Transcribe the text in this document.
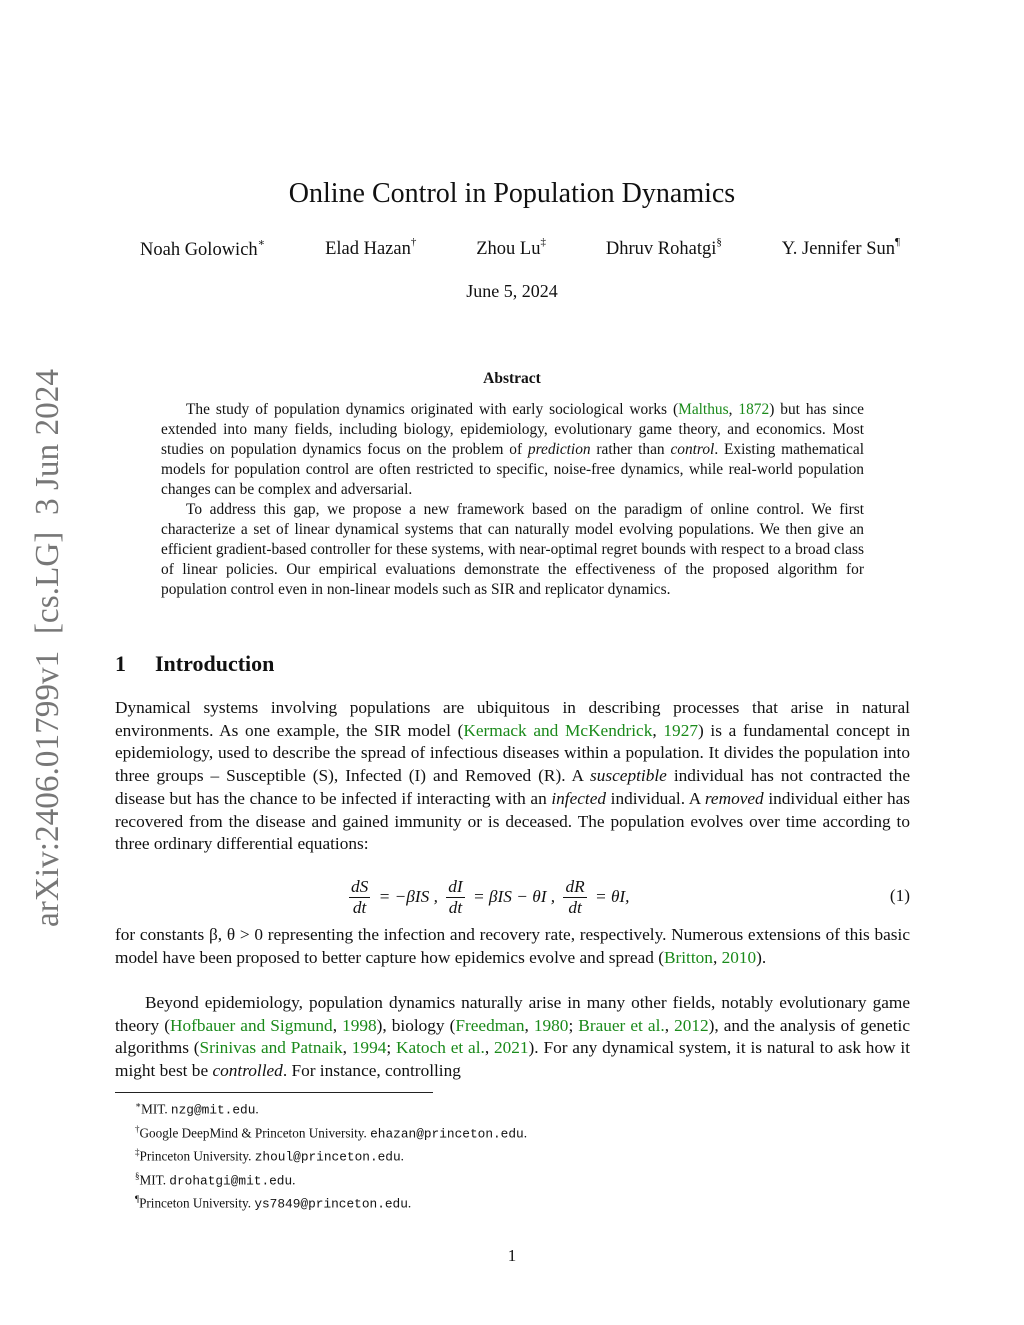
arXiv:2406.01799v1  [cs.LG]  3 Jun 2024
Online Control in Population Dynamics
Noah Golowich∗	Elad Hazan†	Zhou Lu‡	Dhruv Rohatgi§	Y. Jennifer Sun¶
June 5, 2024
Abstract

The study of population dynamics originated with early sociological works (Malthus, 1872) but has since extended into many fields, including biology, epidemiology, evolutionary game theory, and economics. Most studies on population dynamics focus on the problem of prediction rather than control. Existing mathematical models for population control are often restricted to specific, noise-free dynamics, while real-world population changes can be complex and adversarial.

To address this gap, we propose a new framework based on the paradigm of online control. We first characterize a set of linear dynamical systems that can naturally model evolving populations. We then give an efficient gradient-based controller for these systems, with near-optimal regret bounds with respect to a broad class of linear policies. Our empirical evaluations demonstrate the effectiveness of the proposed algorithm for population control even in non-linear models such as SIR and replicator dynamics.

1 Introduction

Dynamical systems involving populations are ubiquitous in describing processes that arise in natural environments. As one example, the SIR model (Kermack and McKendrick, 1927) is a fundamental concept in epidemiology, used to describe the spread of infectious diseases within a population. It divides the population into three groups – Susceptible (S), Infected (I) and Removed (R). A susceptible individual has not contracted the disease but has the chance to be infected if interacting with an infected individual. A removed individual either has recovered from the disease and gained immunity or is deceased. The population evolves over time according to three ordinary differential equations:

$\frac{dS}{dt} = -\beta IS$ , $\frac{dI}{dt} = \beta IS - \theta I$ , $\frac{dR}{dt} = \theta I$,	(1)

for constants β, θ > 0 representing the infection and recovery rate, respectively. Numerous extensions of this basic model have been proposed to better capture how epidemics evolve and spread (Britton, 2010).

Beyond epidemiology, population dynamics naturally arise in many other fields, notably evolutionary game theory (Hofbauer and Sigmund, 1998), biology (Freedman, 1980; Brauer et al., 2012), and the analysis of genetic algorithms (Srinivas and Patnaik, 1994; Katoch et al., 2021). For any dynamical system, it is natural to ask how it might best be controlled. For instance, controlling

∗MIT. nzg@mit.edu.
†Google DeepMind & Princeton University. ehazan@princeton.edu.
‡Princeton University. zhoul@princeton.edu.
§MIT. drohatgi@mit.edu.
¶Princeton University. ys7849@princeton.edu.
1
